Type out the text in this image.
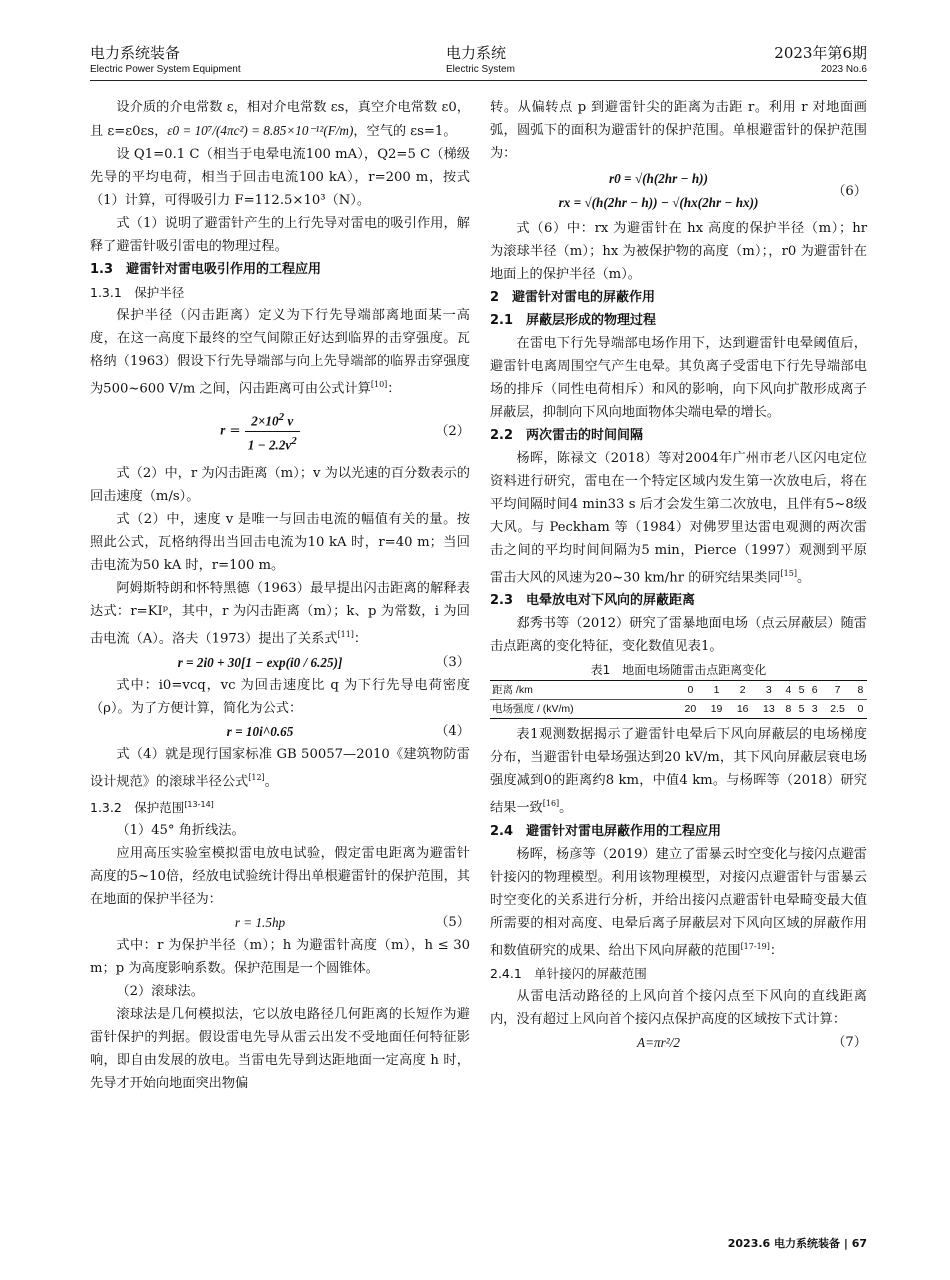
电力系统装备
Electric Power System Equipment
电力系统
Electric System
2023年第6期
2023 No.6

设介质的介电常数 ε，相对介电常数 εs，真空介电常数 ε0，且 ε=ε0εs，ε0 = 10⁷/(4πc²) = 8.85×10⁻¹²(F/m)，空气的 εs=1。

设 Q1=0.1 C（相当于电晕电流100 mA），Q2=5 C（梯级先导的平均电荷，相当于回击电流100 kA），r=200 m，按式（1）计算，可得吸引力 F=112.5×10³（N）。

式（1）说明了避雷针产生的上行先导对雷电的吸引作用，解释了避雷针吸引雷电的物理过程。

1.3　避雷针对雷电吸引作用的工程应用

1.3.1　保护半径

保护半径（闪击距离）定义为下行先导端部离地面某一高度，在这一高度下最终的空气间隙正好达到临界的击穿强度。瓦格纳（1963）假设下行先导端部与向上先导端部的临界击穿强度为500~600 V/m 之间，闪击距离可由公式计算[10]：

$r = \frac{2\times 10^2 v}{1 - 2.2v^2}$	（2）

式（2）中，r 为闪击距离（m）；v 为以光速的百分数表示的回击速度（m/s）。

式（2）中，速度 v 是唯一与回击电流的幅值有关的量。按照此公式，瓦格纳得出当回击电流为10 kA 时，r=40 m；当回击电流为50 kA 时，r=100 m。

阿姆斯特朗和怀特黑德（1963）最早提出闪击距离的解释表达式：r=KIᵖ，其中，r 为闪击距离（m）；k、p 为常数，i 为回击电流（A）。洛夫（1973）提出了关系式[11]：

r = 2i0 + 30[1 − exp(i0 / 6.25)]	（3）

式中：i0=vcq，vc 为回击速度比 q 为下行先导电荷密度（ρ）。为了方便计算，简化为公式：

r = 10i^0.65	（4）

式（4）就是现行国家标准 GB 50057—2010《建筑物防雷设计规范》的滚球半径公式[12]。

1.3.2　保护范围[13-14]

（1）45° 角折线法。

应用高压实验室模拟雷电放电试验，假定雷电距离为避雷针高度的5~10倍，经放电试验统计得出单根避雷针的保护范围，其在地面的保护半径为：

r = 1.5hp	（5）

式中：r 为保护半径（m）；h 为避雷针高度（m），h ≤ 30 m；p 为高度影响系数。保护范围是一个圆锥体。

（2）滚球法。

滚球法是几何模拟法，它以放电路径几何距离的长短作为避雷针保护的判据。假设雷电先导从雷云出发不受地面任何特征影响，即自由发展的放电。当雷电先导到达距地面一定高度 h 时，先导才开始向地面突出物偏

转。从偏转点 p 到避雷针尖的距离为击距 r。利用 r 对地面画弧，圆弧下的面积为避雷针的保护范围。单根避雷针的保护范围为：

r0 = √(h(2hr − h))
rx = √(h(2hr − h)) − √(hx(2hr − hx))
（6）

式（6）中：rx 为避雷针在 hx 高度的保护半径（m）；hr 为滚球半径（m）；hx 为被保护物的高度（m）；，r0 为避雷针在地面上的保护半径（m）。

2　避雷针对雷电的屏蔽作用

2.1　屏蔽层形成的物理过程

在雷电下行先导端部电场作用下，达到避雷针电晕阈值后，避雷针电离周围空气产生电晕。其负离子受雷电下行先导端部电场的排斥（同性电荷相斥）和风的影响，向下风向扩散形成离子屏蔽层，抑制向下风向地面物体尖端电晕的增长。

2.2　两次雷击的时间间隔

杨晖，陈禄文（2018）等对2004年广州市老八区闪电定位资料进行研究，雷电在一个特定区域内发生第一次放电后，将在平均间隔时间4 min33 s 后才会发生第二次放电，且伴有5~8级大风。与 Peckham 等（1984）对佛罗里达雷电观测的两次雷击之间的平均时间间隔为5 min，Pierce（1997）观测到平原雷击大风的风速为20~30 km/hr 的研究结果类同[15]。

2.3　电晕放电对下风向的屏蔽距离

郄秀书等（2012）研究了雷暴地面电场（点云屏蔽层）随雷击点距离的变化特征，变化数值见表1。

表1　地面电场随雷击点距离变化
距离 /km	0	1	2	3	4	5	6	7	8
电场强度 / (kV/m)	20	19	16	13	8	5	3	2.5	0

表1观测数据揭示了避雷针电晕后下风向屏蔽层的电场梯度分布，当避雷针电晕场强达到20 kV/m，其下风向屏蔽层衰电场强度减到0的距离约8 km，中值4 km。与杨晖等（2018）研究结果一致[16]。

2.4　避雷针对雷电屏蔽作用的工程应用

杨晖，杨彦等（2019）建立了雷暴云时空变化与接闪点避雷针接闪的物理模型。利用该物理模型，对接闪点避雷针与雷暴云时空变化的关系进行分析，并给出接闪点避雷针电晕畸变最大值所需要的相对高度、电晕后离子屏蔽层对下风向区域的屏蔽作用和数值研究的成果、给出下风向屏蔽的范围[17-19]：

2.4.1　单针接闪的屏蔽范围

从雷电活动路径的上风向首个接闪点至下风向的直线距离内，没有超过上风向首个接闪点保护高度的区域按下式计算：

A=πr²/2	（7）
2023.6 电力系统装备 | 67
